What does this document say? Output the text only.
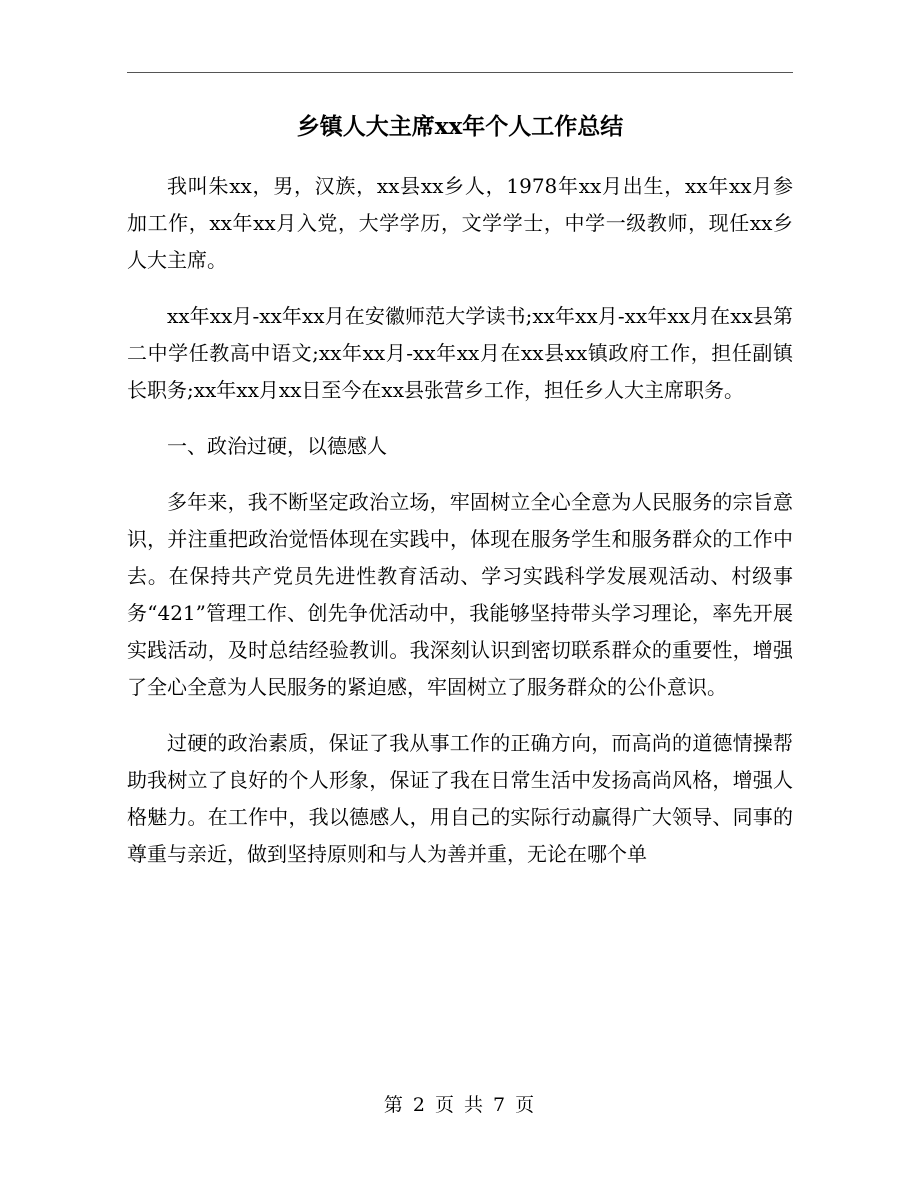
乡镇人大主席xx年个人工作总结

我叫朱xx，男，汉族，xx县xx乡人，1978年xx月出生，xx年xx月参加工作，xx年xx月入党，大学学历，文学学士，中学一级教师，现任xx乡人大主席。

xx年xx月-xx年xx月在安徽师范大学读书;xx年xx月-xx年xx月在xx县第二中学任教高中语文;xx年xx月-xx年xx月在xx县xx镇政府工作，担任副镇长职务;xx年xx月xx日至今在xx县张营乡工作，担任乡人大主席职务。

一、政治过硬，以德感人

多年来，我不断坚定政治立场，牢固树立全心全意为人民服务的宗旨意识，并注重把政治觉悟体现在实践中，体现在服务学生和服务群众的工作中去。在保持共产党员先进性教育活动、学习实践科学发展观活动、村级事务“421”管理工作、创先争优活动中，我能够坚持带头学习理论，率先开展实践活动，及时总结经验教训。我深刻认识到密切联系群众的重要性，增强了全心全意为人民服务的紧迫感，牢固树立了服务群众的公仆意识。

过硬的政治素质，保证了我从事工作的正确方向，而高尚的道德情操帮助我树立了良好的个人形象，保证了我在日常生活中发扬高尚风格，增强人格魅力。在工作中，我以德感人，用自己的实际行动赢得广大领导、同事的尊重与亲近，做到坚持原则和与人为善并重，无论在哪个单

第 2 页 共 7 页
